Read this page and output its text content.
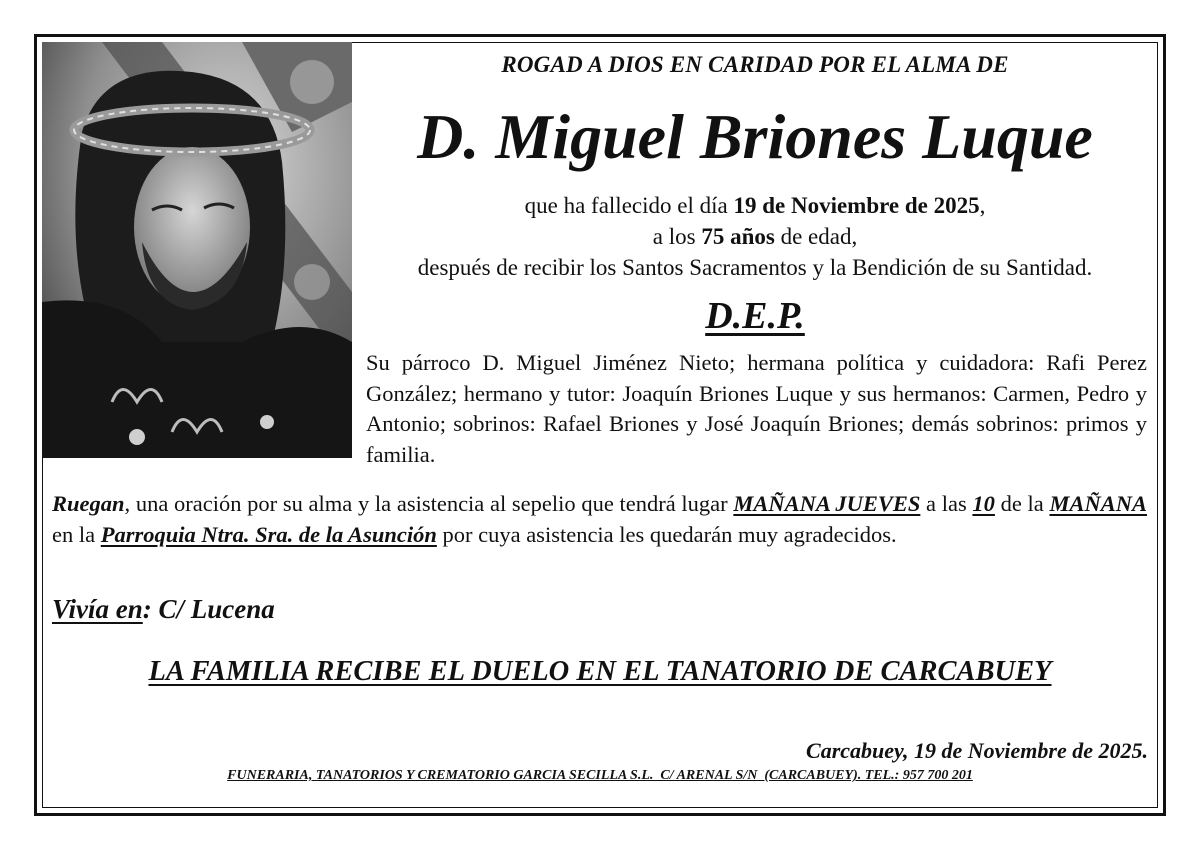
ROGAD A DIOS EN CARIDAD POR EL ALMA DE
D. Miguel Briones Luque
que ha fallecido el día 19 de Noviembre de 2025,
a los 75 años de edad,
después de recibir los Santos Sacramentos y la Bendición de su Santidad.
D.E.P.
Su párroco D. Miguel Jiménez Nieto; hermana política y cuidadora: Rafi Perez González; hermano y tutor: Joaquín Briones Luque y sus hermanos: Carmen, Pedro y Antonio; sobrinos: Rafael Briones y José Joaquín Briones; demás sobrinos: primos y familia.
Ruegan, una oración por su alma y la asistencia al sepelio que tendrá lugar MAÑANA JUEVES a las 10 de la MAÑANA en la Parroquia Ntra. Sra. de la Asunción por cuya asistencia les quedarán muy agradecidos.
Vivía en: C/ Lucena
LA FAMILIA RECIBE EL DUELO EN EL TANATORIO DE CARCABUEY
Carcabuey, 19 de Noviembre de 2025.
FUNERARIA, TANATORIOS Y CREMATORIO GARCIA SECILLA S.L.  C/ ARENAL S/N  (CARCABUEY). TEL.: 957 700 201
